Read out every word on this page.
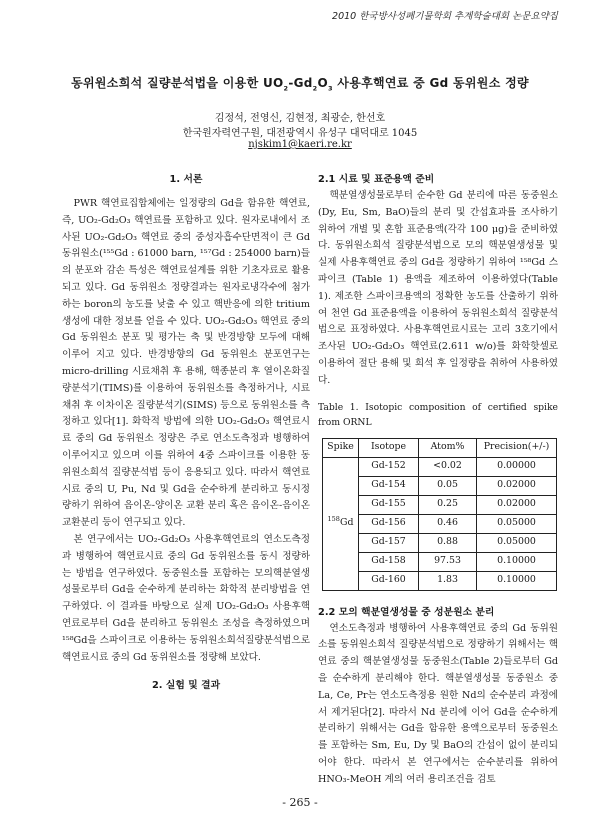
2010 한국방사성폐기물학회 추계학술대회 논문요약집
동위원소희석 질량분석법을 이용한 $UO_2-Gd_2O_3$ 사용후핵연료 중 Gd 동위원소 정량
김정석, 전영신, 김현정, 최광순, 한선호
한국원자력연구원, 대전광역시 유성구 대덕대로 1045
njskim1@kaeri.re.kr
1. 서론

PWR 핵연료집합체에는 일정량의 Gd을 함유한 핵연료, 즉, UO₂-Gd₂O₃ 핵연료를 포함하고 있다. 원자로내에서 조사된 UO₂-Gd₂O₃ 핵연료 중의 중성자흡수단면적이 큰 Gd 동위원소(¹⁵⁵Gd : 61000 barn, ¹⁵⁷Gd : 254000 barn)들의 분포와 감손 특성은 핵연료설계를 위한 기초자료로 활용되고 있다. Gd 동위원소 정량결과는 원자로냉각수에 첨가하는 boron의 농도를 낮출 수 있고 핵반응에 의한 tritium 생성에 대한 정보를 얻을 수 있다. UO₂-Gd₂O₃ 핵연료 중의 Gd 동위원소 분포 및 평가는 축 및 반경방향 모두에 대해 이루어 지고 있다. 반경방향의 Gd 동위원소 분포연구는 micro-drilling 시료채취 후 용해, 핵종분리 후 열이온화질량분석기(TIMS)를 이용하여 동위원소를 측정하거나, 시료채취 후 이차이온 질량분석기(SIMS) 등으로 동위원소를 측정하고 있다[1]. 화학적 방법에 의한 UO₂-Gd₂O₃ 핵연료시료 중의 Gd 동위원소 정량은 주로 연소도측정과 병행하여 이루어지고 있으며 이를 위하여 4중 스파이크를 이용한 동위원소희석 질량분석법 등이 응용되고 있다. 따라서 핵연료시료 중의 U, Pu, Nd 및 Gd을 순수하게 분리하고 동시정량하기 위하여 음이온-양이온 교환 분리 혹은 음이온-음이온 교환분리 등이 연구되고 있다.

본 연구에서는 UO₂-Gd₂O₃ 사용후핵연료의 연소도측정과 병행하여 핵연료시료 중의 Gd 동위원소를 동시 정량하는 방법을 연구하였다. 동중원소를 포함하는 모의핵분열생성물로부터 Gd을 순수하게 분리하는 화학적 분리방법을 연구하였다. 이 결과를 바탕으로 실제 UO₂-Gd₂O₃ 사용후핵연료로부터 Gd을 분리하고 동위원소 조성을 측정하였으며 ¹⁵⁸Gd을 스파이크로 이용하는 동위원소희석질량분석법으로 핵연료시료 중의 Gd 동위원소를 정량해 보았다.

2. 실험 및 결과
2.1 시료 및 표준용액 준비

핵분열생성물로부터 순수한 Gd 분리에 따른 동중원소(Dy, Eu, Sm, BaO)들의 분리 및 간섭효과를 조사하기 위하여 개별 및 혼합 표준용액(각각 100 μg)을 준비하였다. 동위원소희석 질량분석법으로 모의 핵분열생성물 및 실제 사용후핵연료 중의 Gd을 정량하기 위하여 ¹⁵⁸Gd 스파이크 (Table 1) 용액을 제조하여 이용하였다(Table 1). 제조한 스파이크용액의 정확한 농도를 산출하기 위하여 천연 Gd 표준용액을 이용하여 동위원소희석 질량분석법으로 표정하였다. 사용후핵연료시료는 고리 3호기에서 조사된 UO₂-Gd₂O₃ 핵연료(2.611 w/o)를 화학핫셀로 이용하여 절단 용해 및 희석 후 일정량을 취하여 사용하였다.

Table 1. Isotopic composition of certified spike from ORNL
Spike	Isotope	Atom%	Precision(+/-)
$^{158}$Gd	Gd-152	<0.02	0.00000
	Gd-154	0.05	0.02000
	Gd-155	0.25	0.02000
	Gd-156	0.46	0.05000
	Gd-157	0.88	0.05000
	Gd-158	97.53	0.10000
	Gd-160	1.83	0.10000
2.2 모의 핵분열생성물 중 성분원소 분리

연소도측정과 병행하여 사용후핵연료 중의 Gd 동위원소를 동위원소희석 질량분석법으로 정량하기 위해서는 핵연료 중의 핵분열생성물 동중원소(Table 2)들로부터 Gd을 순수하게 분리해야 한다. 핵분열생성물 동중원소 중 La, Ce, Pr는 연소도측정용 원한 Nd의 순수분리 과정에서 제거된다[2]. 따라서 Nd 분리에 이어 Gd을 순수하게 분리하기 위해서는 Gd을 함유한 용액으로부터 동중원소를 포함하는 Sm, Eu, Dy 및 BaO의 간섭이 없이 분리되어야 한다. 따라서 본 연구에서는 순수분리를 위하여 HNO₃-MeOH 계의 여러 용리조건을 검토

- 265 -
